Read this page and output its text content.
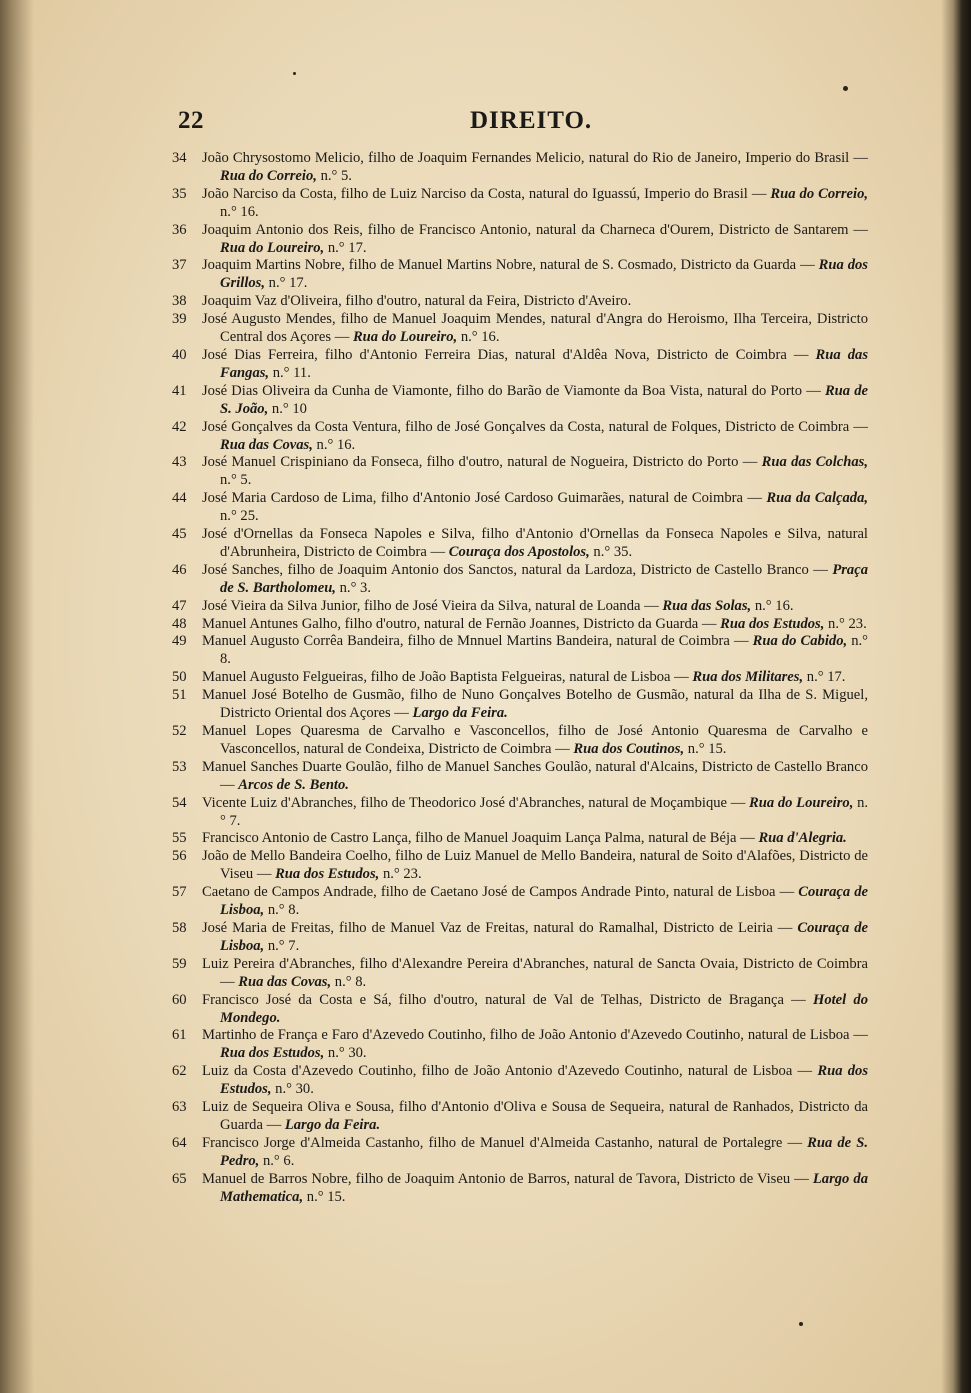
22	DIREITO.
34	João Chrysostomo Melicio, filho de Joaquim Fernandes Melicio, natural do Rio de Janeiro, Imperio do Brasil — Rua do Correio, n.° 5.
35	João Narciso da Costa, filho de Luiz Narciso da Costa, natural do Iguassú, Imperio do Brasil — Rua do Correio, n.° 16.
36	Joaquim Antonio dos Reis, filho de Francisco Antonio, natural da Charneca d'Ourem, Districto de Santarem — Rua do Loureiro, n.° 17.
37	Joaquim Martins Nobre, filho de Manuel Martins Nobre, natural de S. Cosmado, Districto da Guarda — Rua dos Grillos, n.° 17.
38	Joaquim Vaz d'Oliveira, filho d'outro, natural da Feira, Districto d'Aveiro.
39	José Augusto Mendes, filho de Manuel Joaquim Mendes, natural d'Angra do Heroismo, Ilha Terceira, Districto Central dos Açores — Rua do Loureiro, n.° 16.
40	José Dias Ferreira, filho d'Antonio Ferreira Dias, natural d'Aldêa Nova, Districto de Coimbra — Rua das Fangas, n.° 11.
41	José Dias Oliveira da Cunha de Viamonte, filho do Barão de Viamonte da Boa Vista, natural do Porto — Rua de S. João, n.° 10
42	José Gonçalves da Costa Ventura, filho de José Gonçalves da Costa, natural de Folques, Districto de Coimbra — Rua das Covas, n.° 16.
43	José Manuel Crispiniano da Fonseca, filho d'outro, natural de Nogueira, Districto do Porto — Rua das Colchas, n.° 5.
44	José Maria Cardoso de Lima, filho d'Antonio José Cardoso Guimarães, natural de Coimbra — Rua da Calçada, n.° 25.
45	José d'Ornellas da Fonseca Napoles e Silva, filho d'Antonio d'Ornellas da Fonseca Napoles e Silva, natural d'Abrunheira, Districto de Coimbra — Couraça dos Apostolos, n.° 35.
46	José Sanches, filho de Joaquim Antonio dos Sanctos, natural da Lardoza, Districto de Castello Branco — Praça de S. Bartholomeu, n.° 3.
47	José Vieira da Silva Junior, filho de José Vieira da Silva, natural de Loanda — Rua das Solas, n.° 16.
48	Manuel Antunes Galho, filho d'outro, natural de Fernão Joannes, Districto da Guarda — Rua dos Estudos, n.° 23.
49	Manuel Augusto Corrêa Bandeira, filho de Mnnuel Martins Bandeira, natural de Coimbra — Rua do Cabido, n.° 8.
50	Manuel Augusto Felgueiras, filho de João Baptista Felgueiras, natural de Lisboa — Rua dos Militares, n.° 17.
51	Manuel José Botelho de Gusmão, filho de Nuno Gonçalves Botelho de Gusmão, natural da Ilha de S. Miguel, Districto Oriental dos Açores — Largo da Feira.
52	Manuel Lopes Quaresma de Carvalho e Vasconcellos, filho de José Antonio Quaresma de Carvalho e Vasconcellos, natural de Condeixa, Districto de Coimbra — Rua dos Coutinos, n.° 15.
53	Manuel Sanches Duarte Goulão, filho de Manuel Sanches Goulão, natural d'Alcains, Districto de Castello Branco — Arcos de S. Bento.
54	Vicente Luiz d'Abranches, filho de Theodorico José d'Abranches, natural de Moçambique — Rua do Loureiro, n.° 7.
55	Francisco Antonio de Castro Lança, filho de Manuel Joaquim Lança Palma, natural de Béja — Rua d'Alegria.
56	João de Mello Bandeira Coelho, filho de Luiz Manuel de Mello Bandeira, natural de Soito d'Alafões, Districto de Viseu — Rua dos Estudos, n.° 23.
57	Caetano de Campos Andrade, filho de Caetano José de Campos Andrade Pinto, natural de Lisboa — Couraça de Lisboa, n.° 8.
58	José Maria de Freitas, filho de Manuel Vaz de Freitas, natural do Ramalhal, Districto de Leiria — Couraça de Lisboa, n.° 7.
59	Luiz Pereira d'Abranches, filho d'Alexandre Pereira d'Abranches, natural de Sancta Ovaia, Districto de Coimbra — Rua das Covas, n.° 8.
60	Francisco José da Costa e Sá, filho d'outro, natural de Val de Telhas, Districto de Bragança — Hotel do Mondego.
61	Martinho de França e Faro d'Azevedo Coutinho, filho de João Antonio d'Azevedo Coutinho, natural de Lisboa — Rua dos Estudos, n.° 30.
62	Luiz da Costa d'Azevedo Coutinho, filho de João Antonio d'Azevedo Coutinho, natural de Lisboa — Rua dos Estudos, n.° 30.
63	Luiz de Sequeira Oliva e Sousa, filho d'Antonio d'Oliva e Sousa de Sequeira, natural de Ranhados, Districto da Guarda — Largo da Feira.
64	Francisco Jorge d'Almeida Castanho, filho de Manuel d'Almeida Castanho, natural de Portalegre — Rua de S. Pedro, n.° 6.
65	Manuel de Barros Nobre, filho de Joaquim Antonio de Barros, natural de Tavora, Districto de Viseu — Largo da Mathematica, n.° 15.
